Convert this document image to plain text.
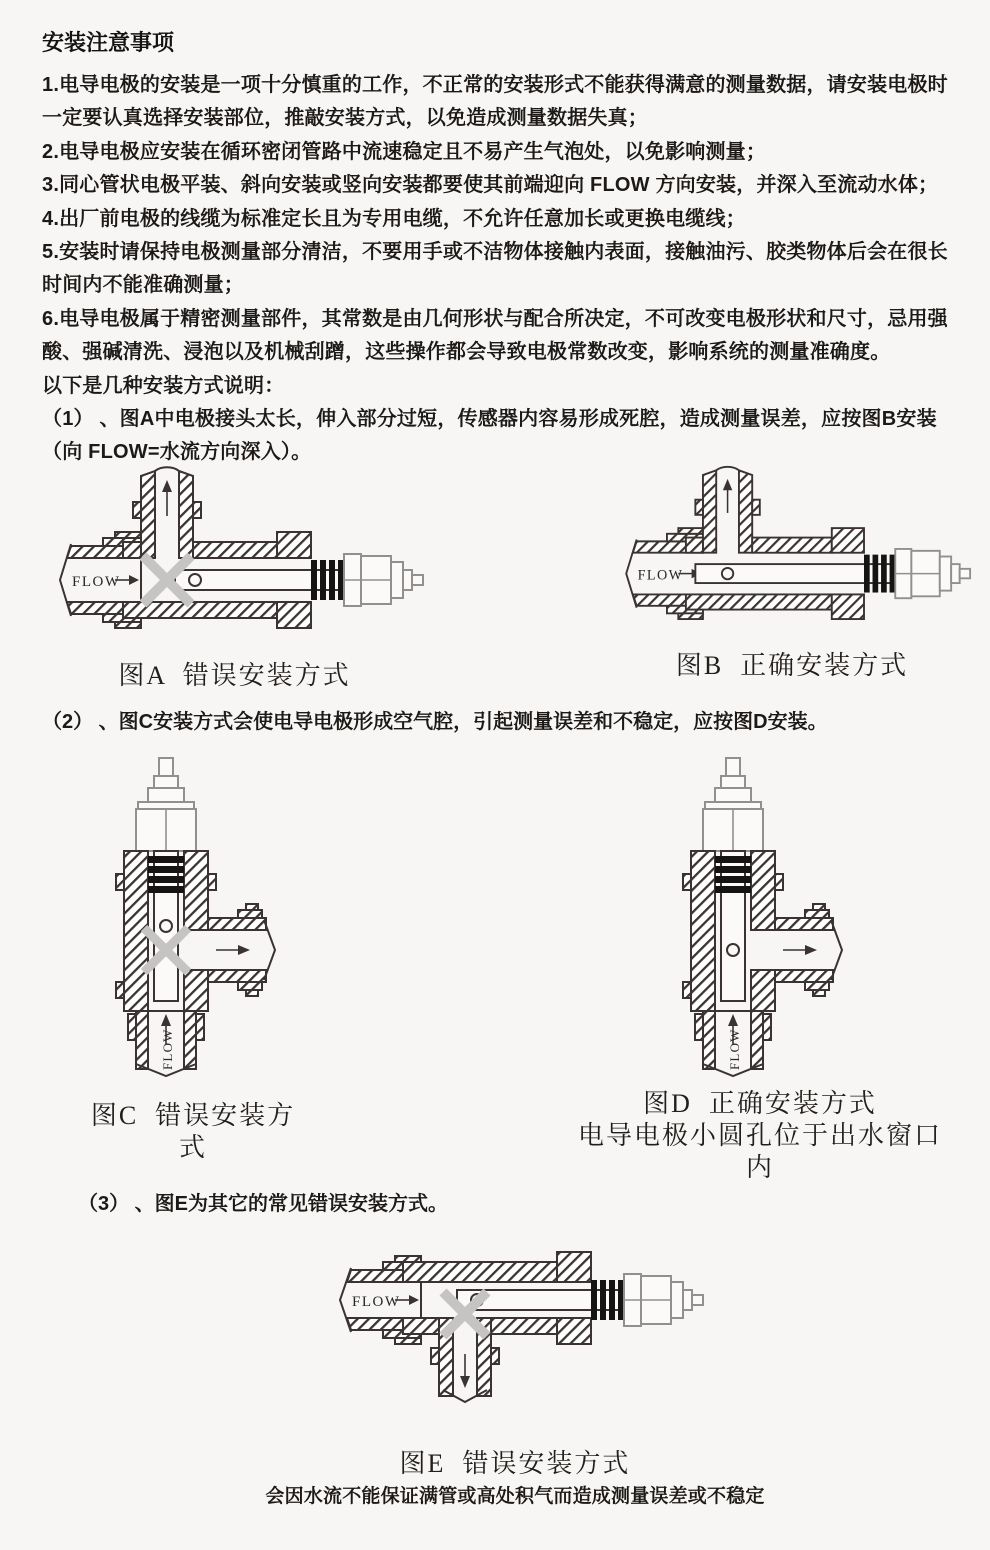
安装注意事项

1.电导电极的安装是一项十分慎重的工作，不正常的安装形式不能获得满意的测量数据，请安装电极时一定要认真选择安装部位，推敲安装方式，以免造成测量数据失真；

2.电导电极应安装在循环密闭管路中流速稳定且不易产生气泡处，以免影响测量；

3.同心管状电极平装、斜向安装或竖向安装都要使其前端迎向 FLOW 方向安装，并深入至流动水体；

4.出厂前电极的线缆为标准定长且为专用电缆，不允许任意加长或更换电缆线；

5.安装时请保持电极测量部分清洁，不要用手或不洁物体接触内表面，接触油污、胶类物体后会在很长时间内不能准确测量；

6.电导电极属于精密测量部件，其常数是由几何形状与配合所决定，不可改变电极形状和尺寸，忌用强酸、强碱清洗、浸泡以及机械刮蹭，这些操作都会导致电极常数改变，影响系统的测量准确度。

以下是几种安装方式说明：

（1） 、图A中电极接头太长，伸入部分过短，传感器内容易形成死腔，造成测量误差，应按图B安装（向 FLOW=水流方向深入）。

FLOW
图A  错误安装方式
FLOW
图B  正确安装方式
（2） 、图C安装方式会使电导电极形成空气腔，引起测量误差和不稳定，应按图D安装。
FLOW
图C  错误安装方式
FLOW
图D  正确安装方式
电导电极小圆孔位于出水窗口内
（3） 、图E为其它的常见错误安装方式。
FLOW
图E  错误安装方式
会因水流不能保证满管或高处积气而造成测量误差或不稳定
